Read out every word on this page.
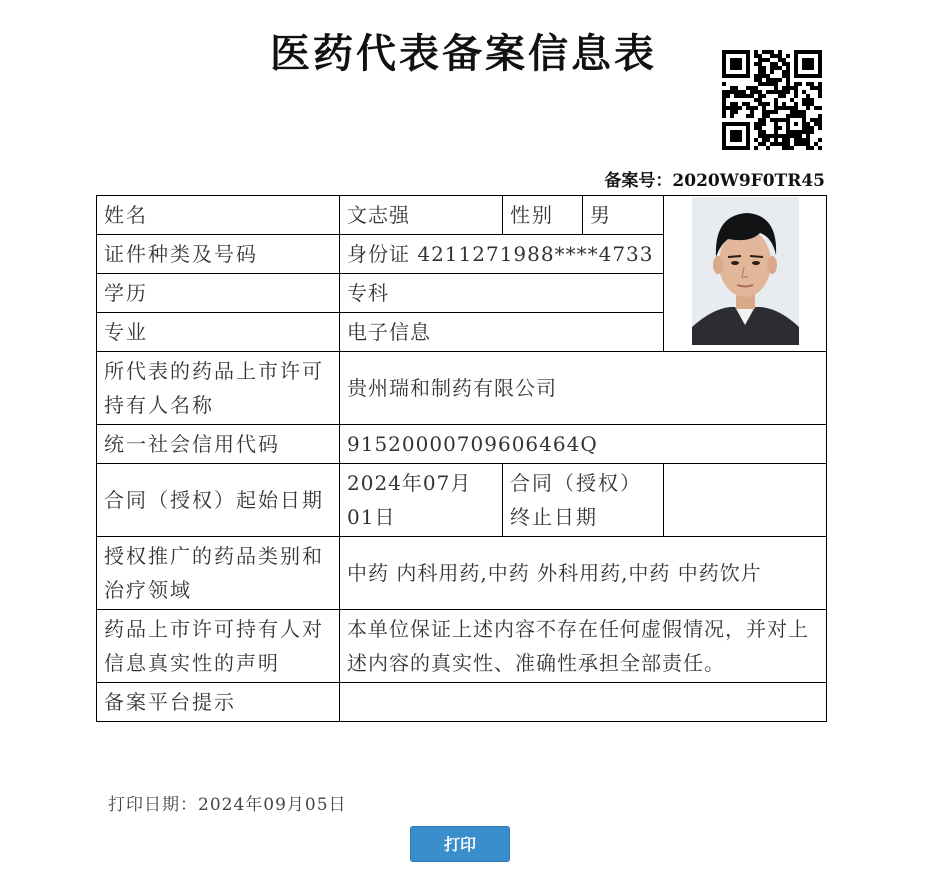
医药代表备案信息表
备案号：2020W9F0TR45
姓名	文志强	性别	男	

证件种类及号码	身份证 4211271988****4733			
学历	专科			
专业	电子信息			
所代表的药品上市许可持有人名称	贵州瑞和制药有限公司			
统一社会信用代码	91520000709606464Q			
合同（授权）起始日期	2024年07月01日	合同（授权）终止日期		
授权推广的药品类别和治疗领域	中药 内科用药,中药 外科用药,中药 中药饮片			
药品上市许可持有人对信息真实性的声明	本单位保证上述内容不存在任何虚假情况，并对上述内容的真实性、准确性承担全部责任。			
备案平台提示				
打印日期：2024年09月05日
打印
